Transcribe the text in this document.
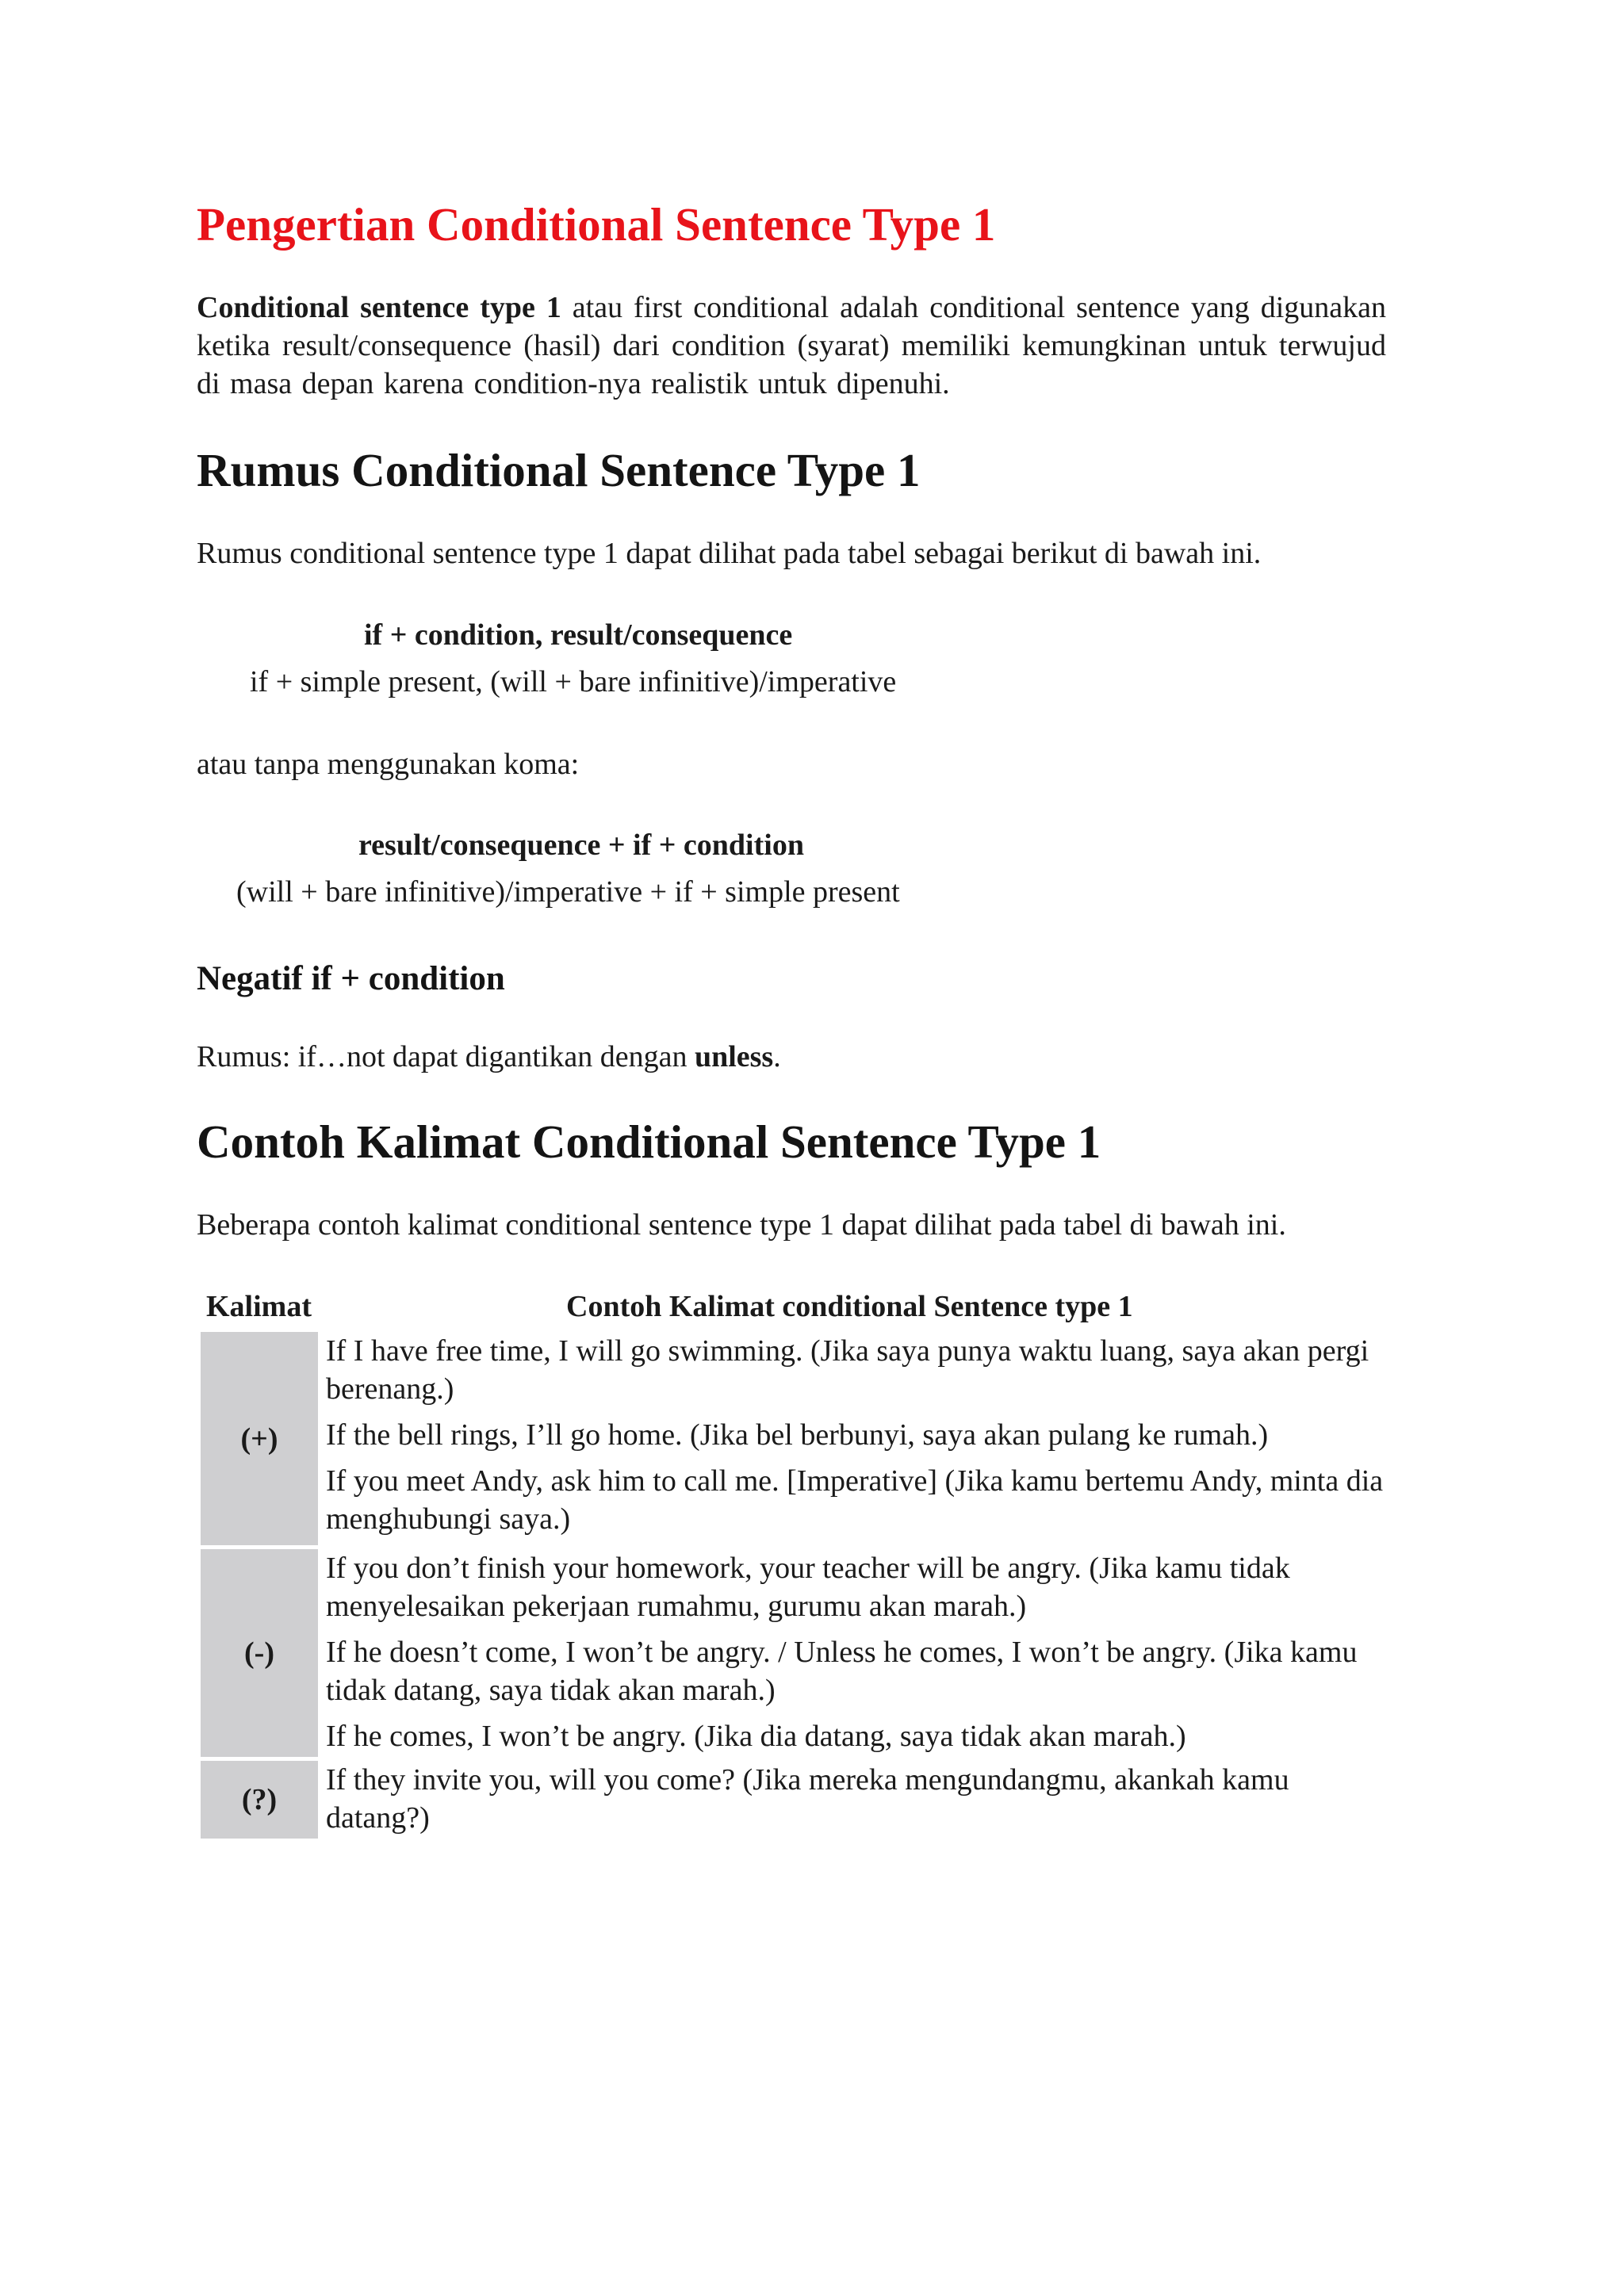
Pengertian Conditional Sentence Type 1

Conditional sentence type 1 atau first conditional adalah conditional sentence yang digunakan ketika result/consequence (hasil) dari condition (syarat) memiliki kemungkinan untuk terwujud di masa depan karena condition-nya realistik untuk dipenuhi.

Rumus Conditional Sentence Type 1

Rumus conditional sentence type 1 dapat dilihat pada tabel sebagai berikut di bawah ini.

if + condition, result/consequence

if + simple present, (will + bare infinitive)/imperative

atau tanpa menggunakan koma:

result/consequence + if + condition

(will + bare infinitive)/imperative + if + simple present

Negatif if + condition

Rumus: if…not dapat digantikan dengan unless.

Contoh Kalimat Conditional Sentence Type 1

Beberapa contoh kalimat conditional sentence type 1 dapat dilihat pada tabel di bawah ini.

Kalimat	Contoh Kalimat conditional Sentence type 1
(+)

If I have free time, I will go swimming. (Jika saya punya waktu luang, saya akan pergi berenang.)

If the bell rings, I’ll go home. (Jika bel berbunyi, saya akan pulang ke rumah.)

If you meet Andy, ask him to call me. [Imperative] (Jika kamu bertemu Andy, minta dia menghubungi saya.)

(-)

If you don’t finish your homework, your teacher will be angry. (Jika kamu tidak menyelesaikan pekerjaan rumahmu, gurumu akan marah.)

If he doesn’t come, I won’t be angry. / Unless he comes, I won’t be angry. (Jika kamu tidak datang, saya tidak akan marah.)

If he comes, I won’t be angry. (Jika dia datang, saya tidak akan marah.)

(?)

If they invite you, will you come? (Jika mereka mengundangmu, akankah kamu datang?)
